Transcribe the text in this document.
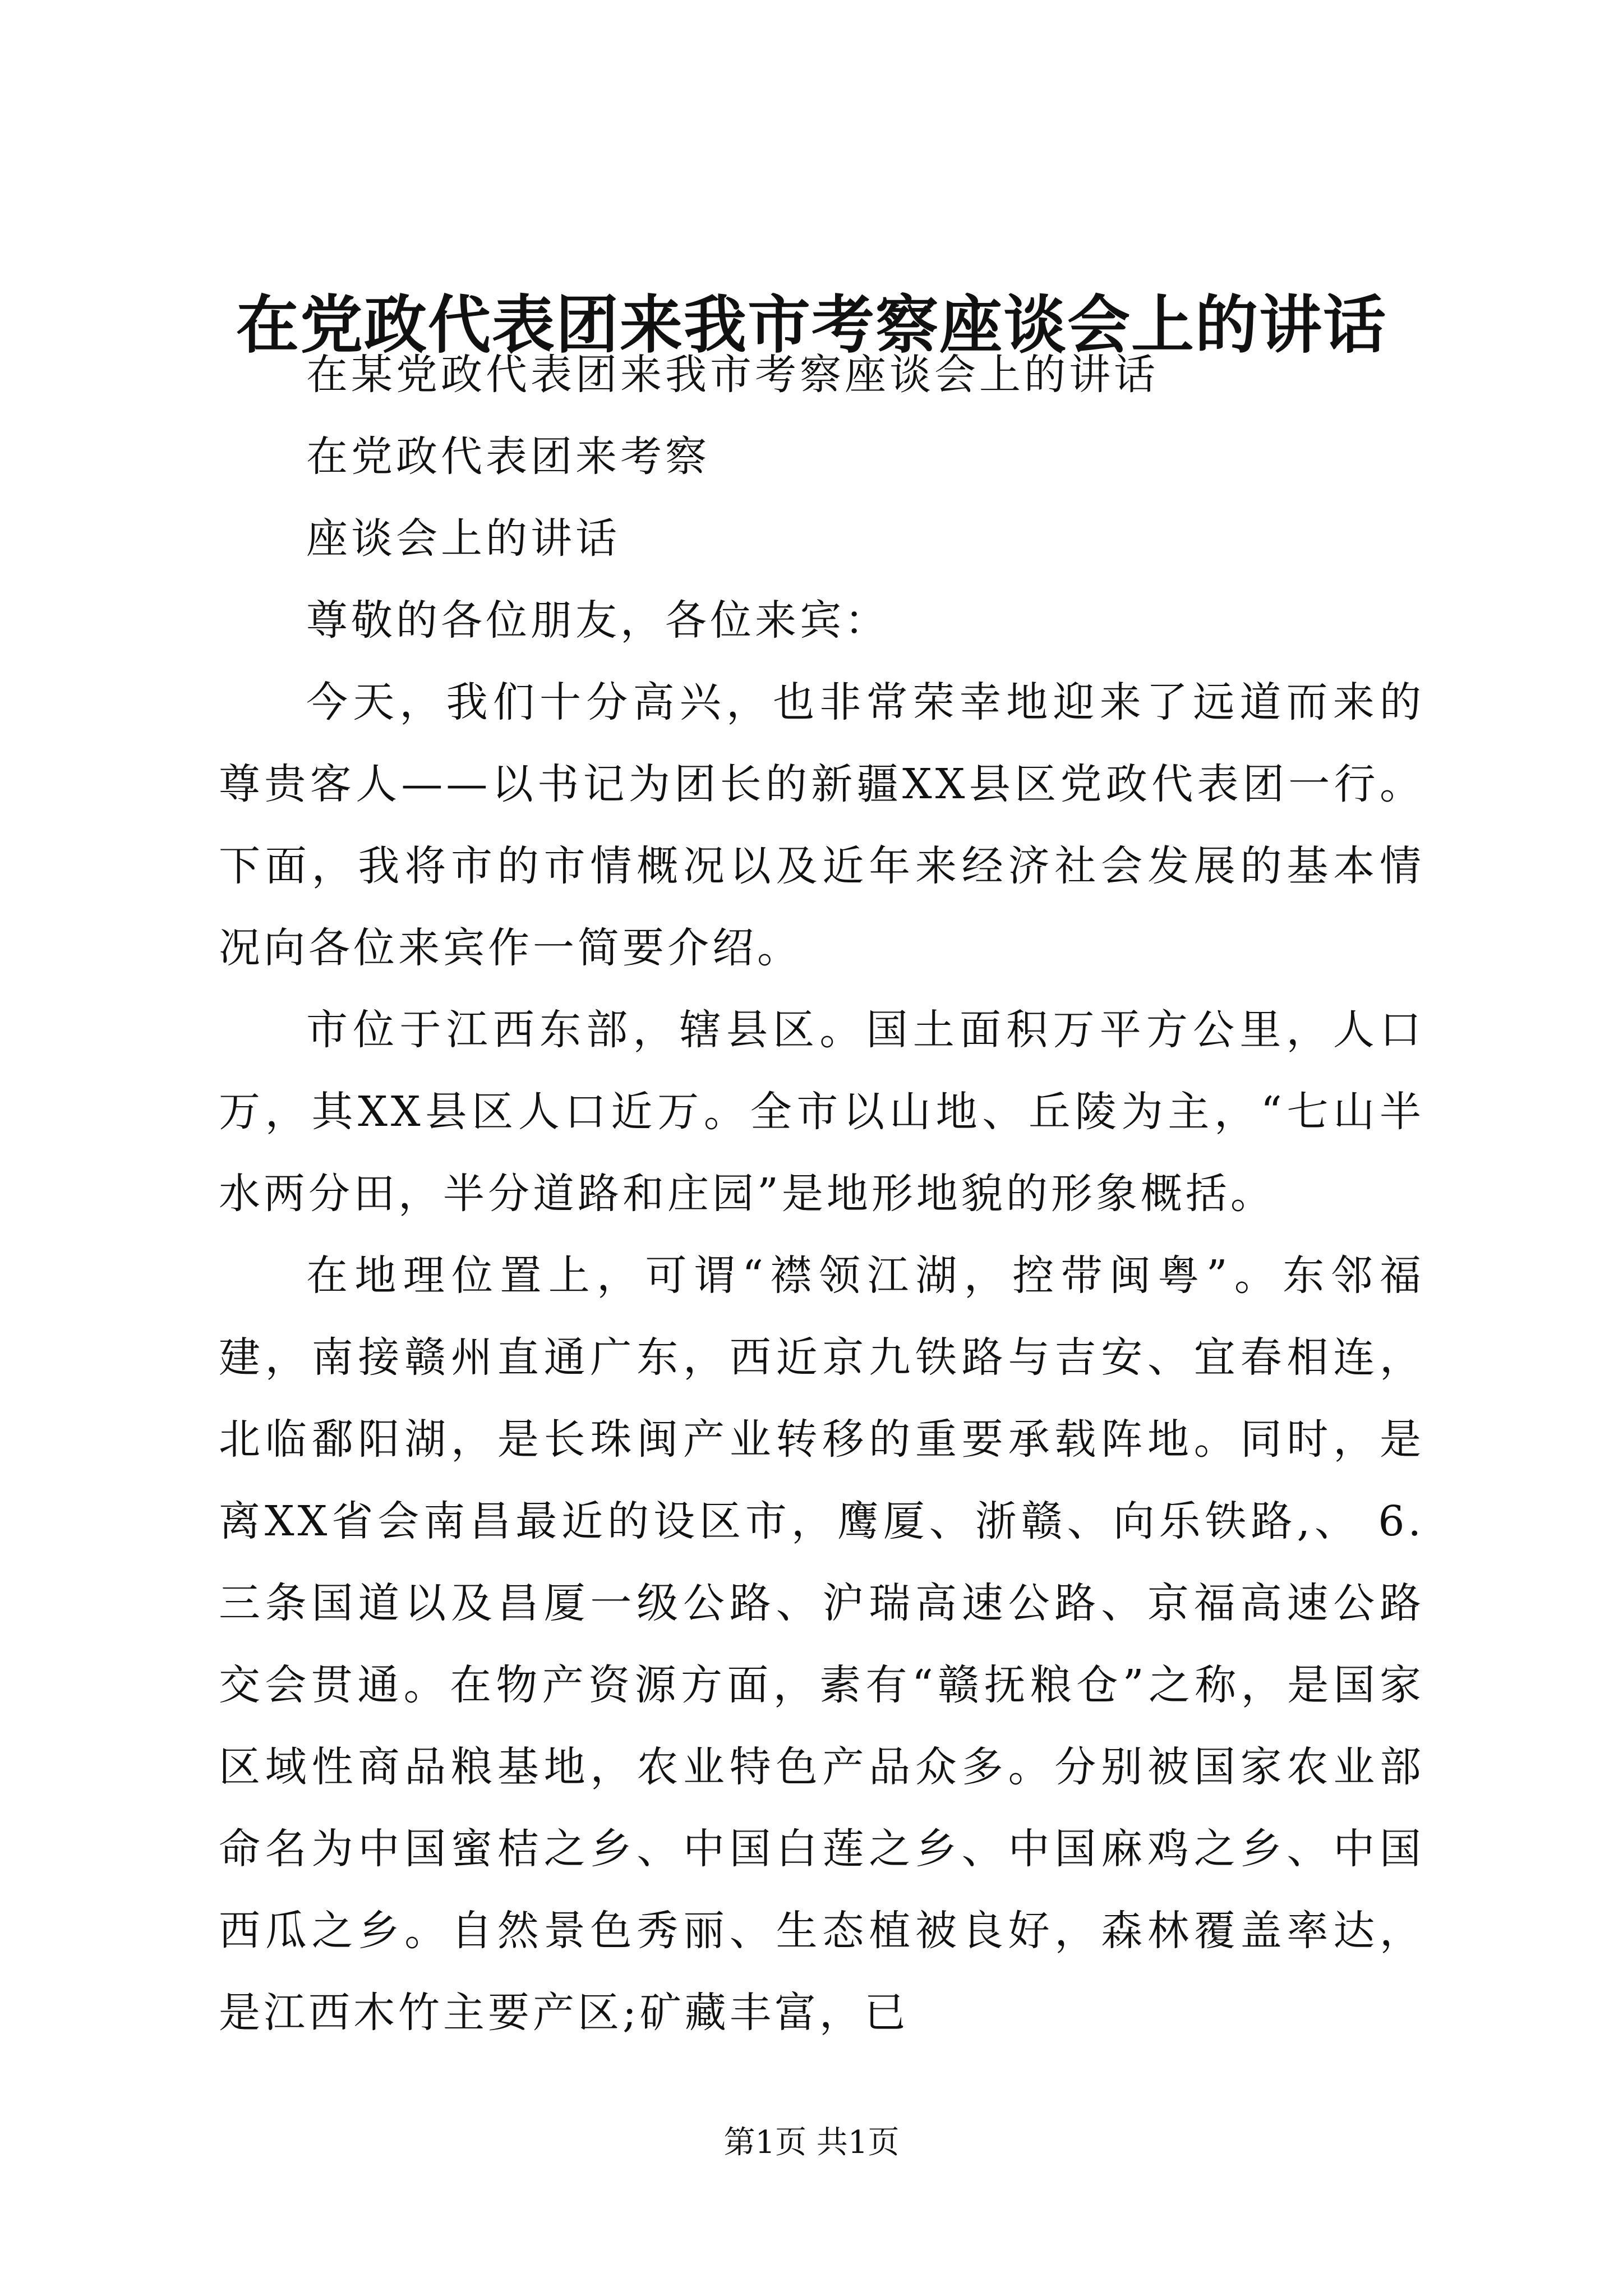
在党政代表团来我市考察座谈会上的讲话

在某党政代表团来我市考察座谈会上的讲话

在党政代表团来考察

座谈会上的讲话

尊敬的各位朋友，各位来宾：

今天，我们十分高兴，也非常荣幸地迎来了远道而来的尊贵客人——以书记为团长的新疆XX县区党政代表团一行。下面，我将市的市情概况以及近年来经济社会发展的基本情况向各位来宾作一简要介绍。

市位于江西东部，辖县区。国土面积万平方公里，人口万，其XX县区人口近万。全市以山地、丘陵为主，“七山半水两分田，半分道路和庄园”是地形地貌的形象概括。

在地理位置上，可谓“襟领江湖，控带闽粤”。东邻福建，南接赣州直通广东，西近京九铁路与吉安、宜春相连，北临鄱阳湖，是长珠闽产业转移的重要承载阵地。同时，是离XX省会南昌最近的设区市，鹰厦、浙赣、向乐铁路,、 6.三条国道以及昌厦一级公路、沪瑞高速公路、京福高速公路交会贯通。在物产资源方面，素有“赣抚粮仓”之称，是国家区域性商品粮基地，农业特色产品众多。分别被国家农业部命名为中国蜜桔之乡、中国白莲之乡、中国麻鸡之乡、中国西瓜之乡。自然景色秀丽、生态植被良好，森林覆盖率达，是江西木竹主要产区;矿藏丰富，已

第1页 共1页
